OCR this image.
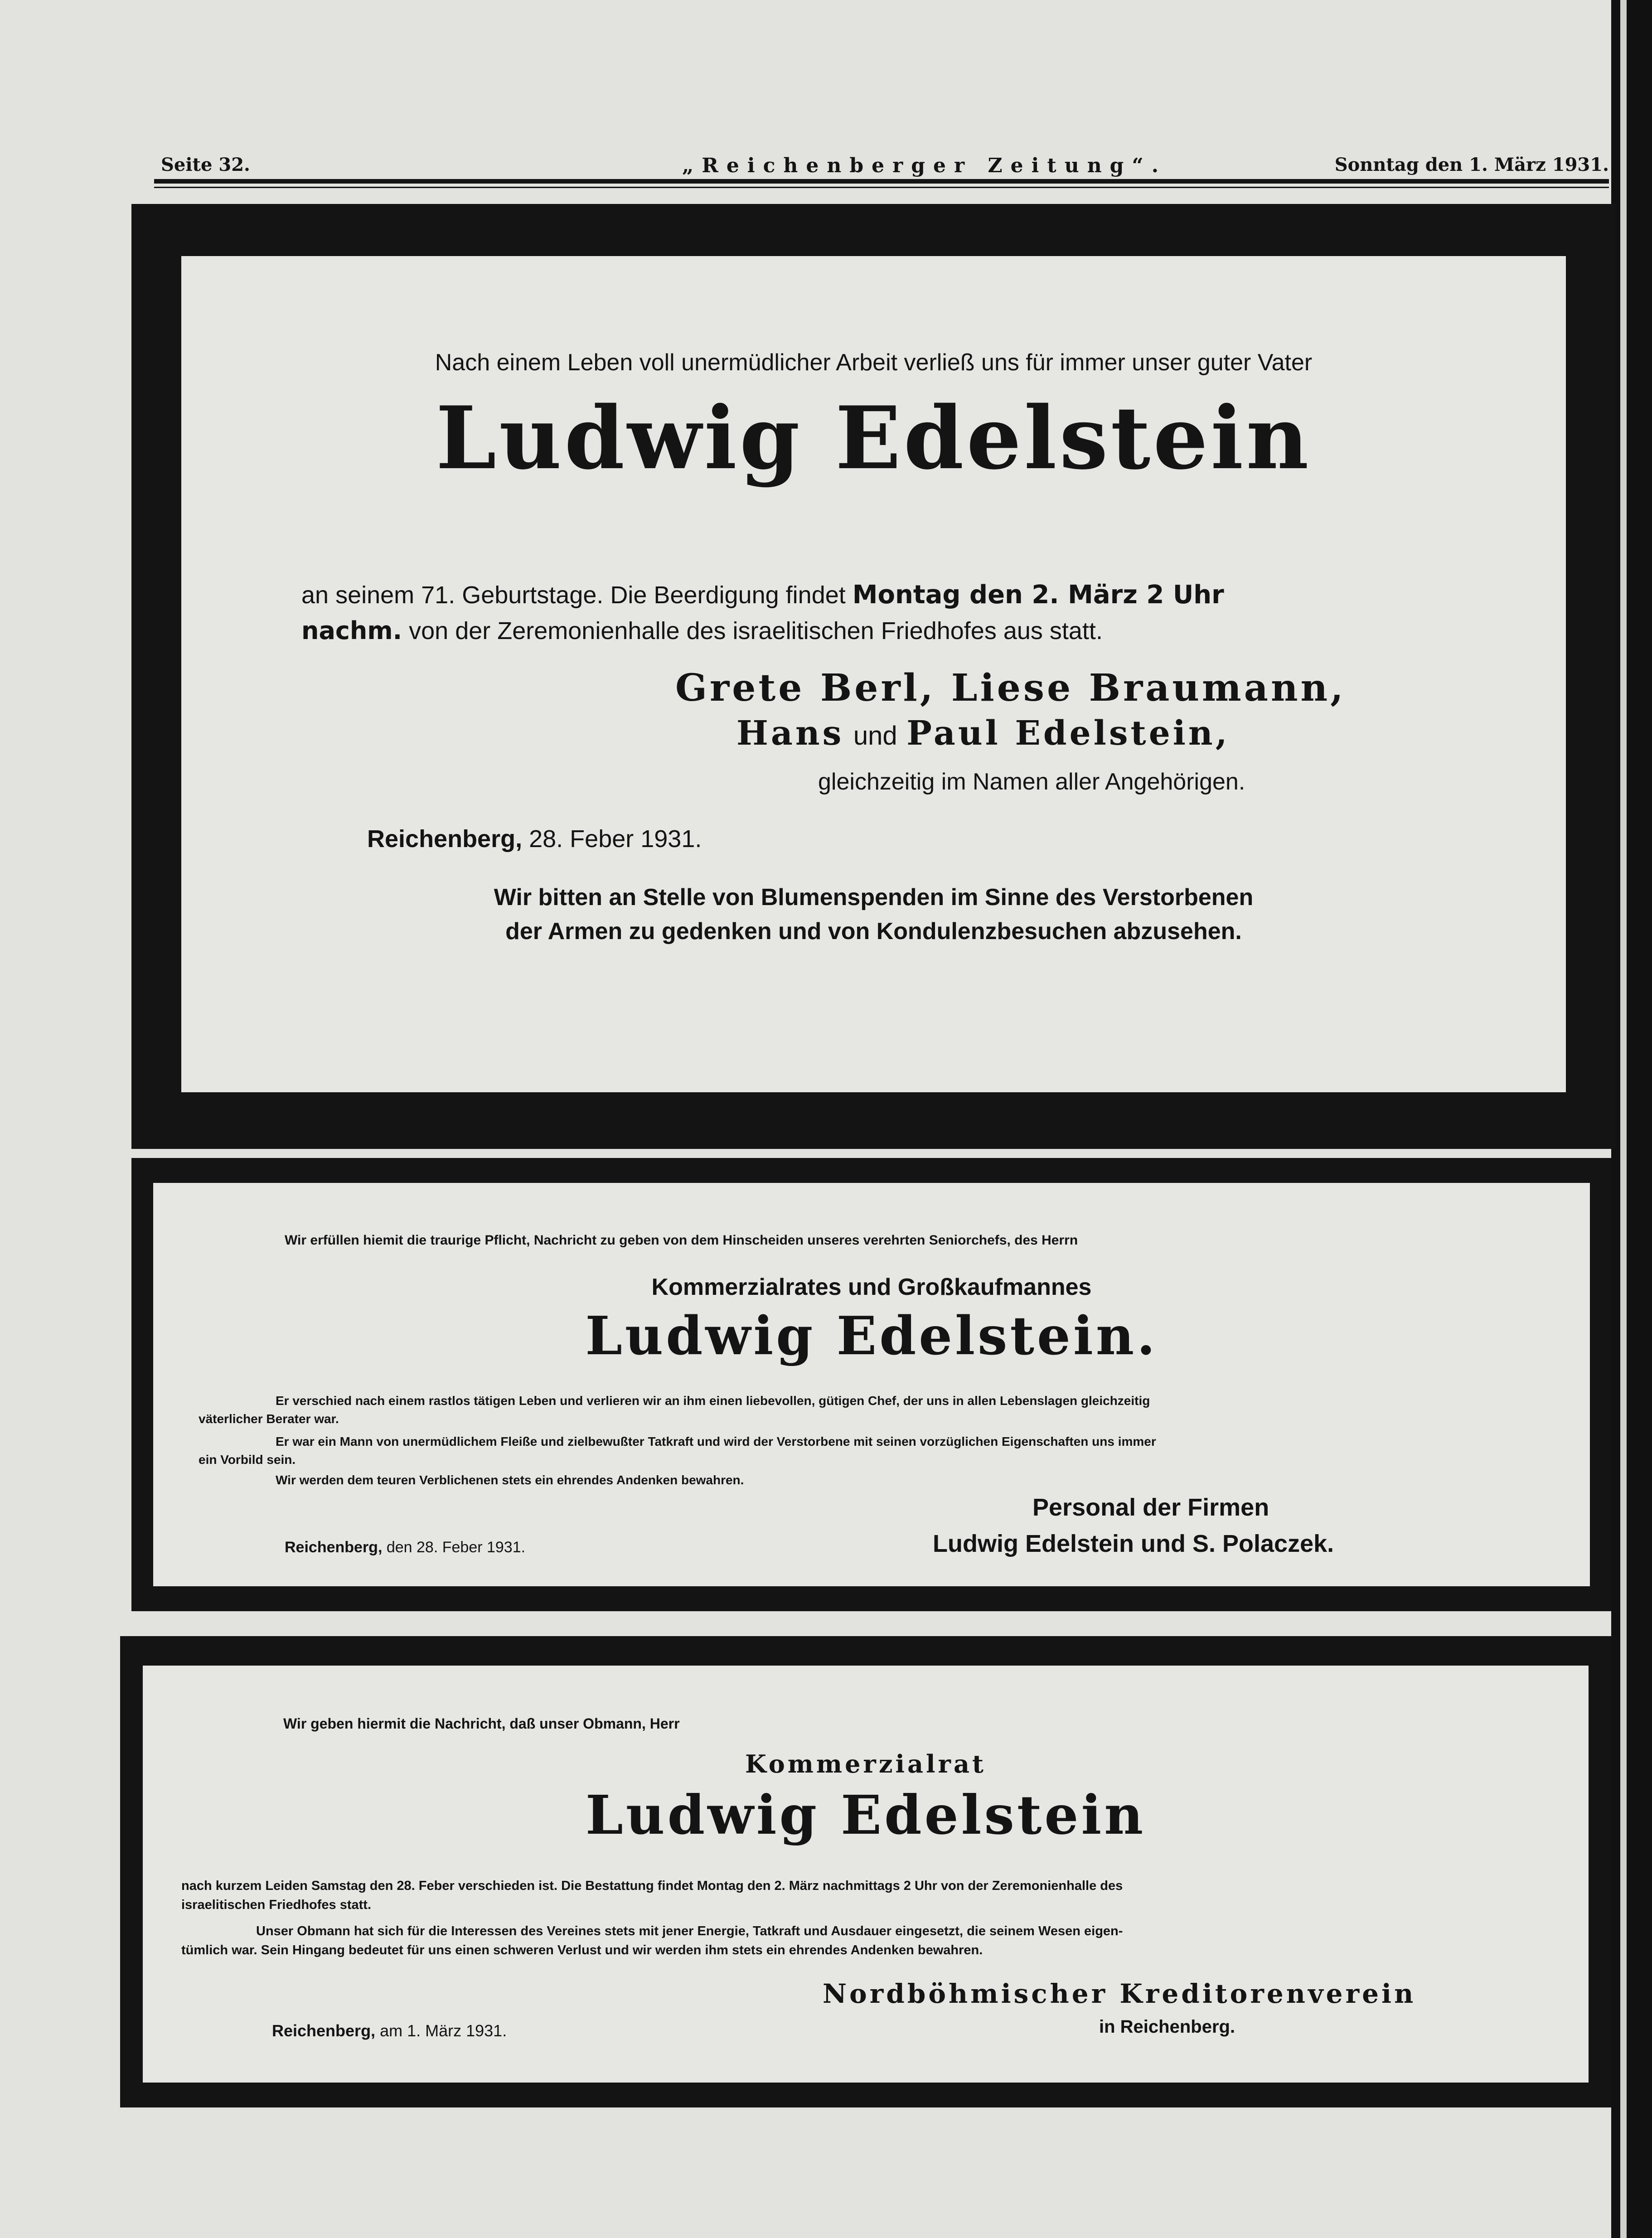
Seite 32.	„Reichenberger Zeitung“.	Sonntag den 1. März 1931.
Nach einem Leben voll unermüdlicher Arbeit verließ uns für immer unser guter Vater
Ludwig Edelstein
an seinem 71. Geburtstage. Die Beerdigung findet Montag den 2. März 2 Uhr
nachm. von der Zeremonienhalle des israelitischen Friedhofes aus statt.
Grete Berl, Liese Braumann,
Hans und Paul Edelstein,
gleichzeitig im Namen aller Angehörigen.
Reichenberg, 28. Feber 1931.
Wir bitten an Stelle von Blumenspenden im Sinne des Verstorbenen
der Armen zu gedenken und von Kondulenzbesuchen abzusehen.
Wir erfüllen hiemit die traurige Pflicht, Nachricht zu geben von dem Hinscheiden unseres verehrten Seniorchefs, des Herrn
Kommerzialrates und Großkaufmannes
Ludwig Edelstein.
Er verschied nach einem rastlos tätigen Leben und verlieren wir an ihm einen liebevollen, gütigen Chef, der uns in allen Lebenslagen gleichzeitig
väterlicher Berater war.
Er war ein Mann von unermüdlichem Fleiße und zielbewußter Tatkraft und wird der Verstorbene mit seinen vorzüglichen Eigenschaften uns immer
ein Vorbild sein.
Wir werden dem teuren Verblichenen stets ein ehrendes Andenken bewahren.
Reichenberg, den 28. Feber 1931.
Personal der Firmen
Ludwig Edelstein und S. Polaczek.
Wir geben hiermit die Nachricht, daß unser Obmann, Herr
Kommerzialrat
Ludwig Edelstein
nach kurzem Leiden Samstag den 28. Feber verschieden ist. Die Bestattung findet Montag den 2. März nachmittags 2 Uhr von der Zeremonienhalle des
israelitischen Friedhofes statt.
Unser Obmann hat sich für die Interessen des Vereines stets mit jener Energie, Tatkraft und Ausdauer eingesetzt, die seinem Wesen eigen-
tümlich war. Sein Hingang bedeutet für uns einen schweren Verlust und wir werden ihm stets ein ehrendes Andenken bewahren.
Reichenberg, am 1. März 1931.
Nordböhmischer Kreditorenverein
in Reichenberg.
